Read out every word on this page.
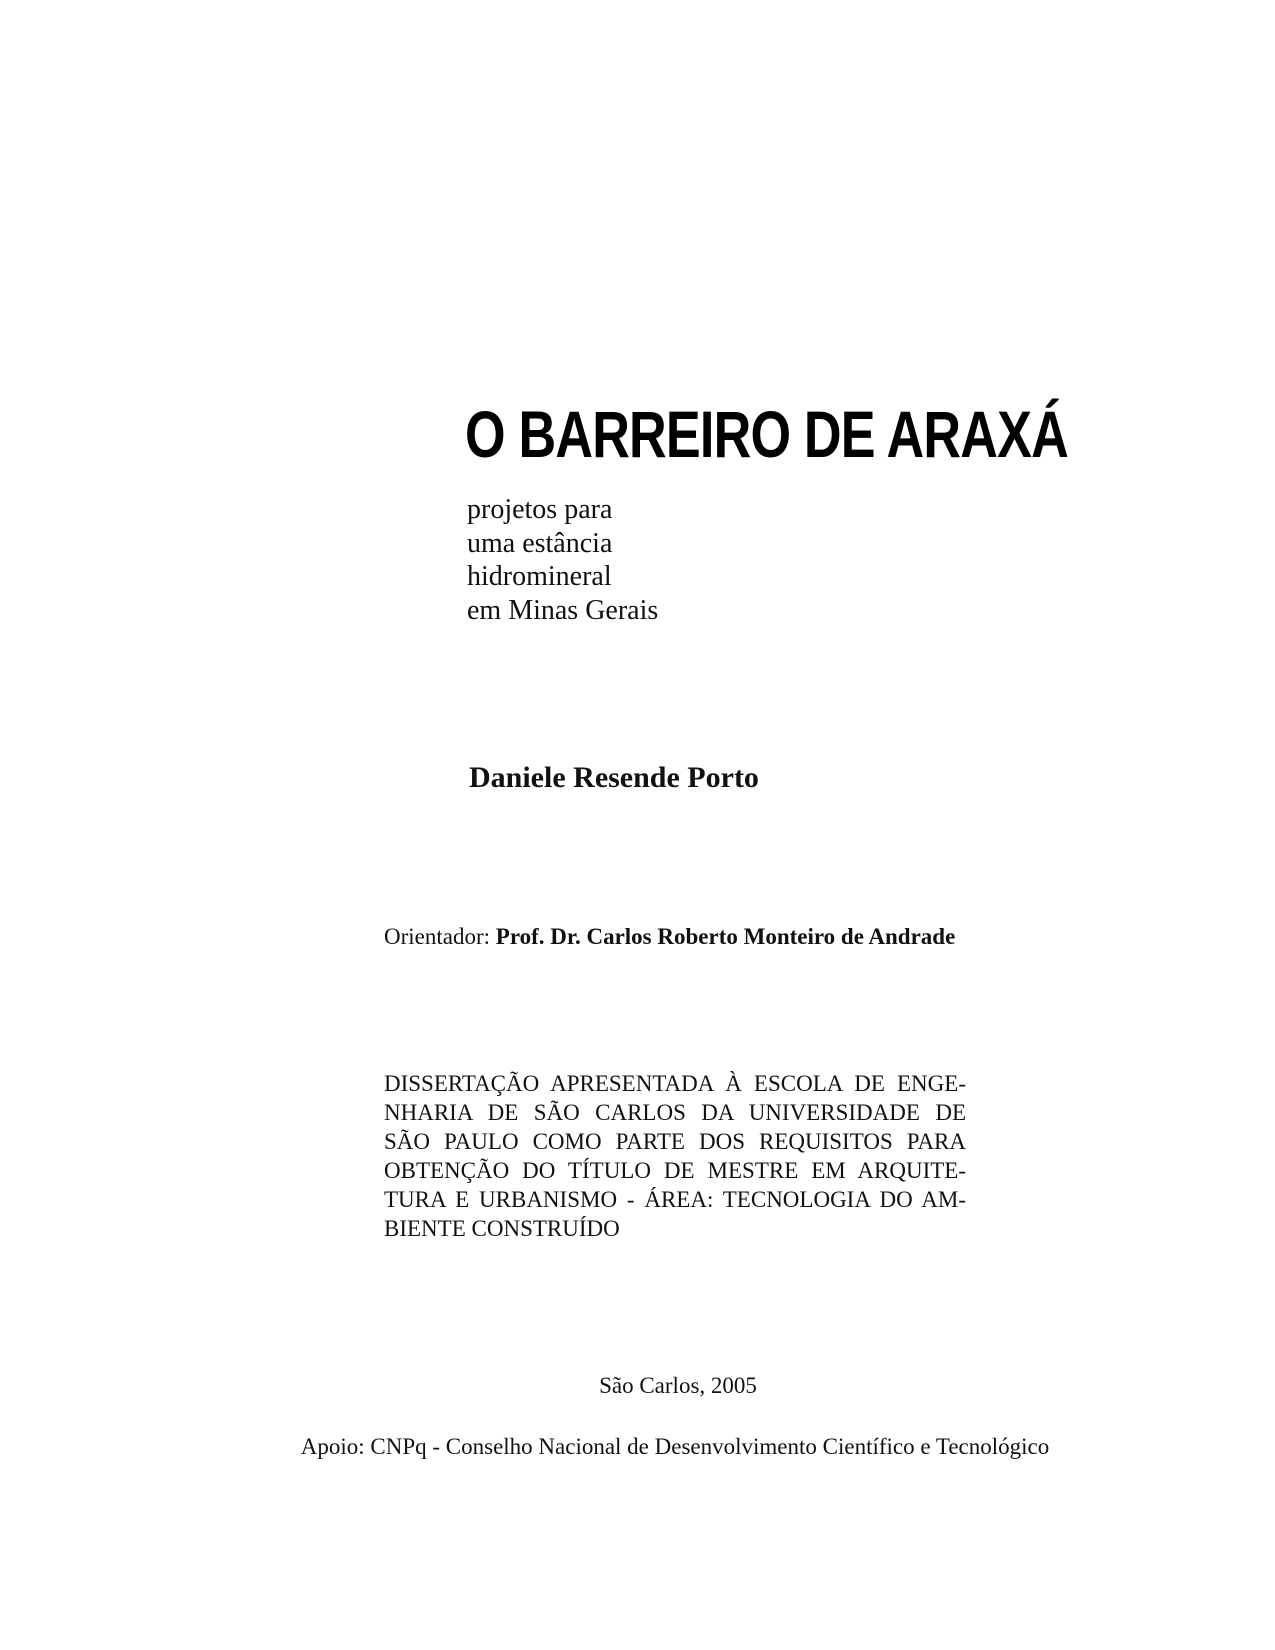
O BARREIRO DE ARAXÁ
projetos para
uma estância
hidromineral
em Minas Gerais

Daniele Resende Porto

Orientador: Prof. Dr. Carlos Roberto Monteiro de Andrade

DISSERTAÇÃO APRESENTADA À ESCOLA DE ENGE-
NHARIA DE SÃO CARLOS DA UNIVERSIDADE DE
SÃO PAULO COMO PARTE DOS REQUISITOS PARA
OBTENÇÃO DO TÍTULO DE MESTRE EM ARQUITE-
TURA E URBANISMO - ÁREA: TECNOLOGIA DO AM-
BIENTE CONSTRUÍDO

São Carlos, 2005

Apoio: CNPq - Conselho Nacional de Desenvolvimento Científico e Tecnológico
